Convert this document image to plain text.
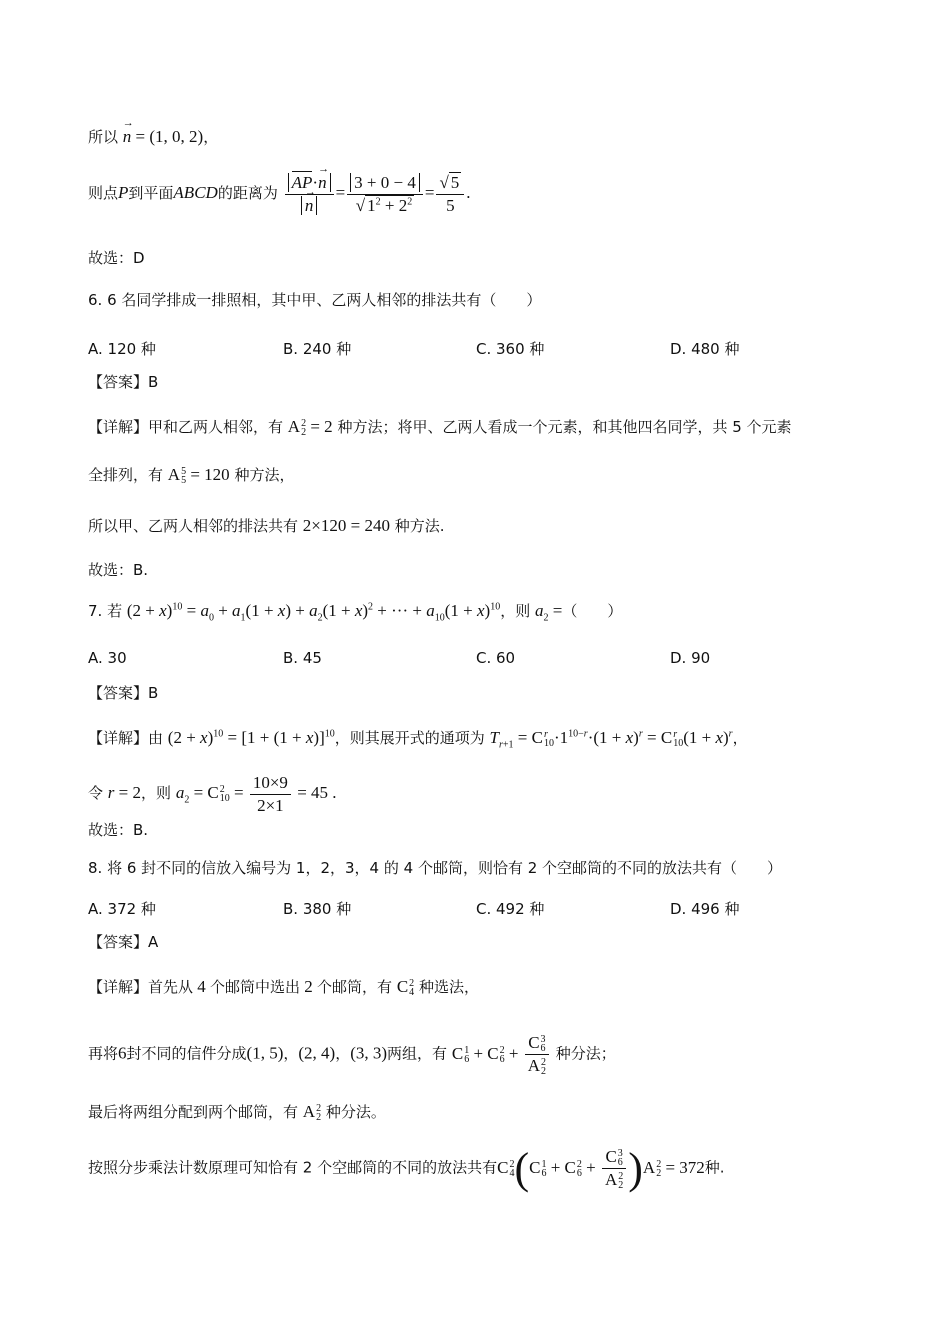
所以 → n = (1, 0, 2)，
则点P到平面ABCD的距离为 AP·→ n
→ $n = \frac{3 + 0 - 4}{√ 1^2 + 2^2} = \frac{√ 5}{5}$ .
故选：D
6. 6 名同学排成一排照相，其中甲、乙两人相邻的排法共有（　　）
A. 120 种	B. 240 种	C. 360 种	D. 480 种
【答案】B
【详解】甲和乙两人相邻，有 A 2
2 = 2 种方法；将甲、乙两人看成一个元素，和其他四名同学，共 5 个元素
全排列，有 A 5
5 = 120 种方法，
所以甲、乙两人相邻的排法共有 2×120 = 240 种方法.
故选：B.
7. 若 $(2 + x)^{10} = a_0 + a_1(1 + x) + a_2(1 + x)^2$ + ··· + $a_{10}(1 + x)^{10}$，则 $a_2$ =（　　）
A. 30	B. 45	C. 60	D. 90
【答案】B
【详解】由 $(2 + x)^{10} = [1 + (1 + x)]^{10}$，则其展开式的通项为 $T_{r+1} = C$ r
$10 \cdot 1^{10-r}\cdot(1 + x)^r = C$ r
10 $(1 + x)^r$，
令 r = 2，则 $a_2 = C$ 2
$10 = \frac{10\times 9}{2\times 1} = 45$ .
故选：B.
8. 将 6 封不同的信放入编号为 1，2，3，4 的 4 个邮筒，则恰有 2 个空邮筒的不同的放法共有（　　）
A. 372 种	B. 380 种	C. 492 种	D. 496 种
【答案】A
【详解】首先从 4 个邮筒中选出 2 个邮筒，有 C 2
4 种选法，
再将6封不同的信件分成(1, 5)，(2, 4)，(3, 3)两组，有 C 1
6 + C 2
6 + C 3
6
A 2
2 种分法；
最后将两组分配到两个邮筒，有 A 2
2 种分法。
按照分步乘法计数原理可知恰有 2 个空邮筒的不同的放法共有C 2
4 (C 1
6 + C 2
6 + C 3
6
A 2
2 )A 2
2 = 372种.
